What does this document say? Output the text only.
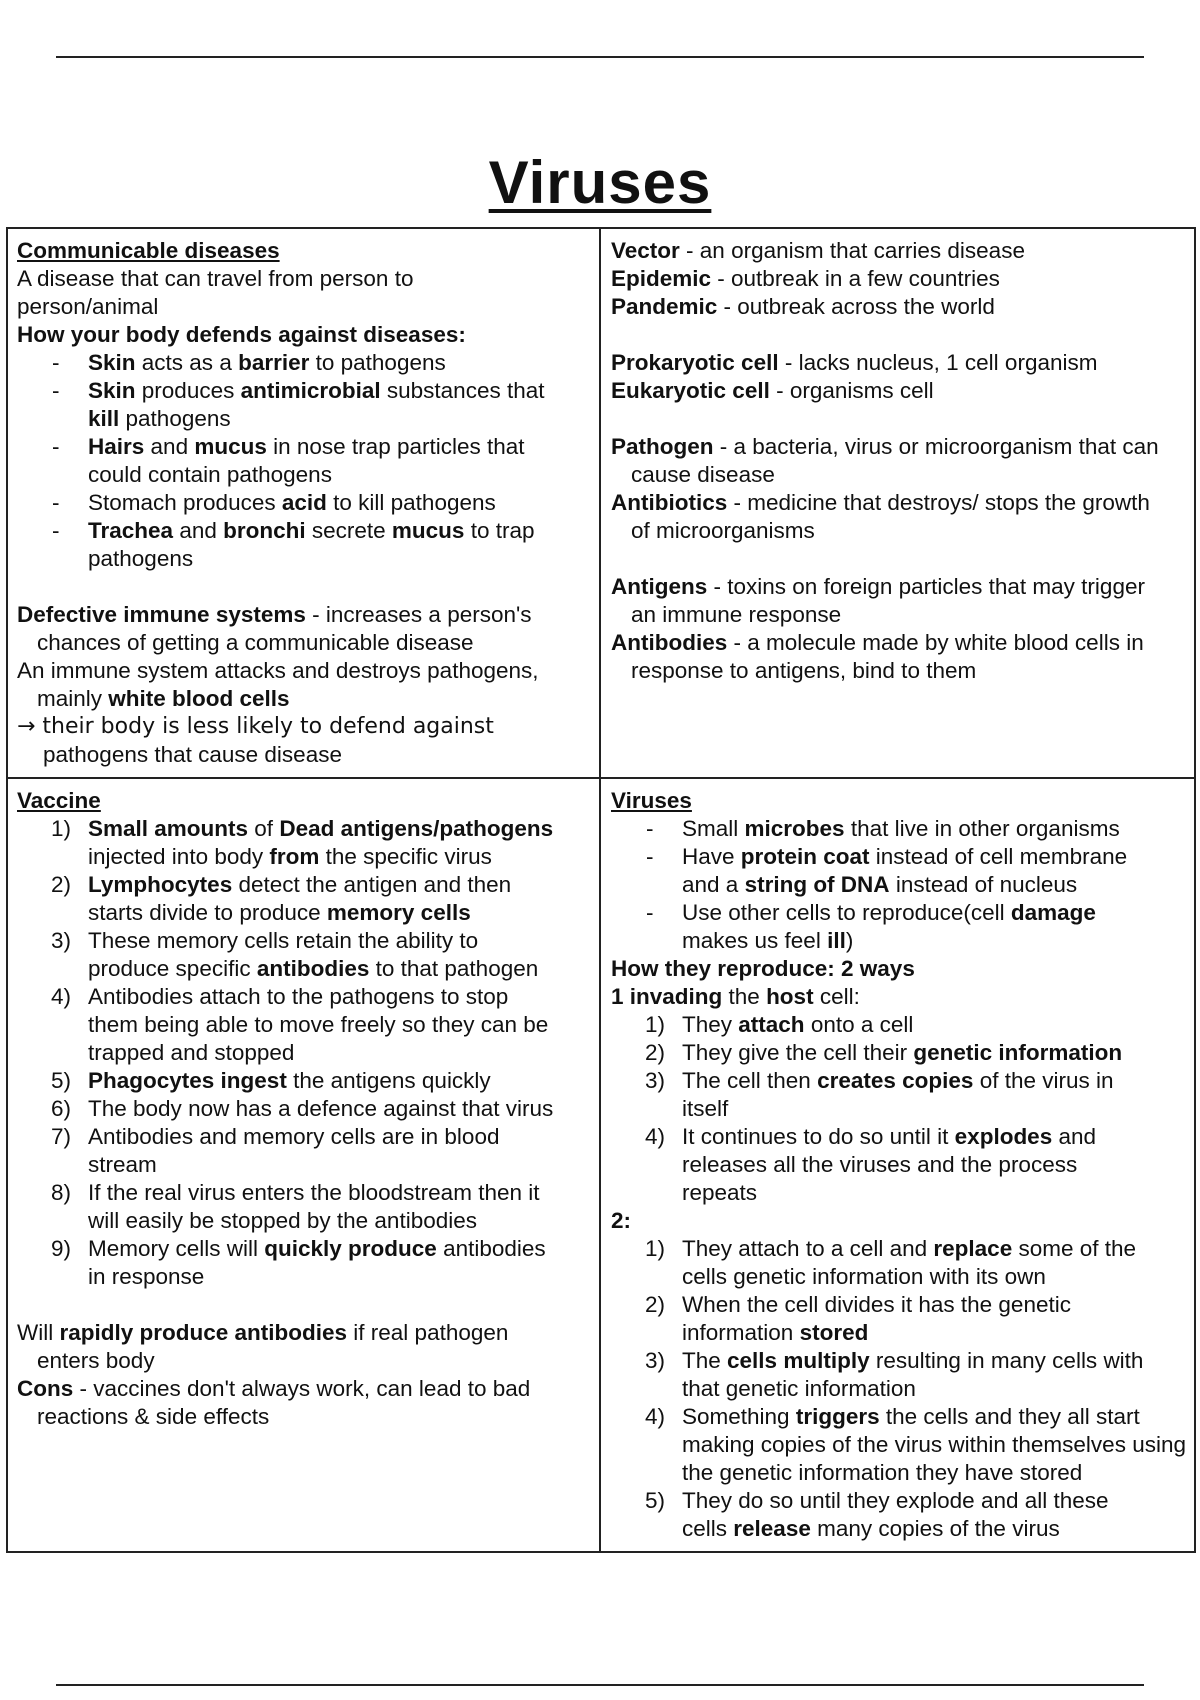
Viruses

Communicable diseases

A disease that can travel from person to person/animal

How your body defends against diseases:

- Skin acts as a barrier to pathogens
- Skin produces antimicrobial substances that kill pathogens
- Hairs and mucus in nose trap particles that could contain pathogens
- Stomach produces acid to kill pathogens
- Trachea and bronchi secrete mucus to trap pathogens

Defective immune systems - increases a person's chances of getting a communicable disease

An immune system attacks and destroys pathogens, mainly white blood cells

→ their body is less likely to defend against

pathogens that cause disease

Vector - an organism that carries disease

Epidemic - outbreak in a few countries

Pandemic - outbreak across the world

Prokaryotic cell - lacks nucleus, 1 cell organism

Eukaryotic cell - organisms cell

Pathogen - a bacteria, virus or microorganism that can cause disease

Antibiotics - medicine that destroys/ stops the growth of microorganisms

Antigens - toxins on foreign particles that may trigger an immune response

Antibodies - a molecule made by white blood cells in response to antigens, bind to them

Vaccine

1) Small amounts of Dead antigens/pathogens injected into body from the specific virus
2) Lymphocytes detect the antigen and then starts divide to produce memory cells
3) These memory cells retain the ability to produce specific antibodies to that pathogen
4) Antibodies attach to the pathogens to stop them being able to move freely so they can be trapped and stopped
5) Phagocytes ingest the antigens quickly
6) The body now has a defence against that virus
7) Antibodies and memory cells are in blood stream
8) If the real virus enters the bloodstream then it will easily be stopped by the antibodies
9) Memory cells will quickly produce antibodies in response

Will rapidly produce antibodies if real pathogen enters body

Cons - vaccines don't always work, can lead to bad reactions & side effects

Viruses

- Small microbes that live in other organisms
- Have protein coat instead of cell membrane and a string of DNA instead of nucleus
- Use other cells to reproduce(cell damage makes us feel ill)

How they reproduce: 2 ways

1 invading the host cell:

1) They attach onto a cell
2) They give the cell their genetic information
3) The cell then creates copies of the virus in itself
4) It continues to do so until it explodes and releases all the viruses and the process repeats

2:

1) They attach to a cell and replace some of the cells genetic information with its own
2) When the cell divides it has the genetic information stored
3) The cells multiply resulting in many cells with that genetic information
4) Something triggers the cells and they all start making copies of the virus within themselves using the genetic information they have stored
5) They do so until they explode and all these cells release many copies of the virus
